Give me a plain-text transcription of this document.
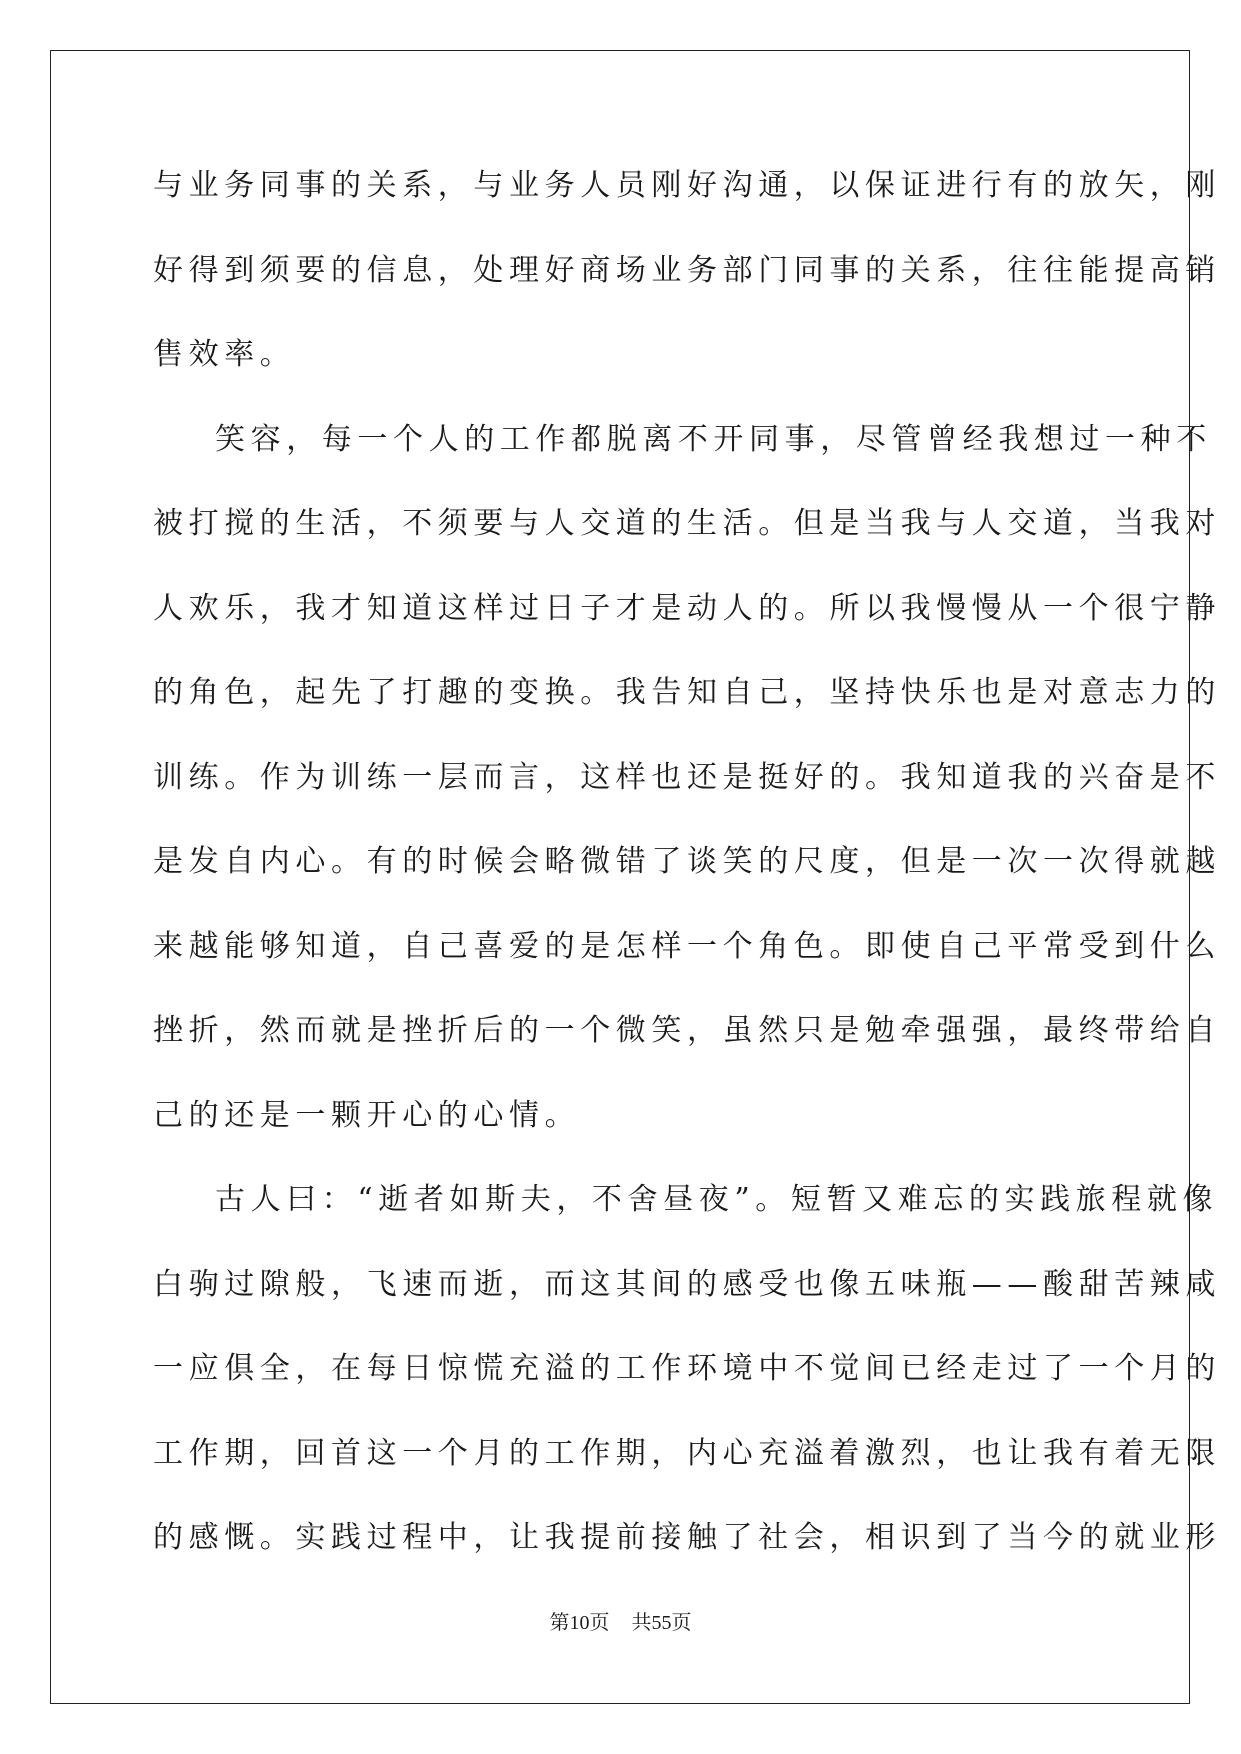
与业务同事的关系，与业务人员刚好沟通，以保证进行有的放矢，刚
好得到须要的信息，处理好商场业务部门同事的关系，往往能提高销
售效率。
笑容，每一个人的工作都脱离不开同事，尽管曾经我想过一种不
被打搅的生活，不须要与人交道的生活。但是当我与人交道，当我对
人欢乐，我才知道这样过日子才是动人的。所以我慢慢从一个很宁静
的角色，起先了打趣的变换。我告知自己，坚持快乐也是对意志力的
训练。作为训练一层而言，这样也还是挺好的。我知道我的兴奋是不
是发自内心。有的时候会略微错了谈笑的尺度，但是一次一次得就越
来越能够知道，自己喜爱的是怎样一个角色。即使自己平常受到什么
挫折，然而就是挫折后的一个微笑，虽然只是勉牵强强，最终带给自
己的还是一颗开心的心情。
古人曰：“逝者如斯夫，不舍昼夜”。短暂又难忘的实践旅程就像
白驹过隙般，飞速而逝，而这其间的感受也像五味瓶——酸甜苦辣咸
一应俱全，在每日惊慌充溢的工作环境中不觉间已经走过了一个月的
工作期，回首这一个月的工作期，内心充溢着激烈，也让我有着无限
的感慨。实践过程中，让我提前接触了社会，相识到了当今的就业形
第10页 共55页
